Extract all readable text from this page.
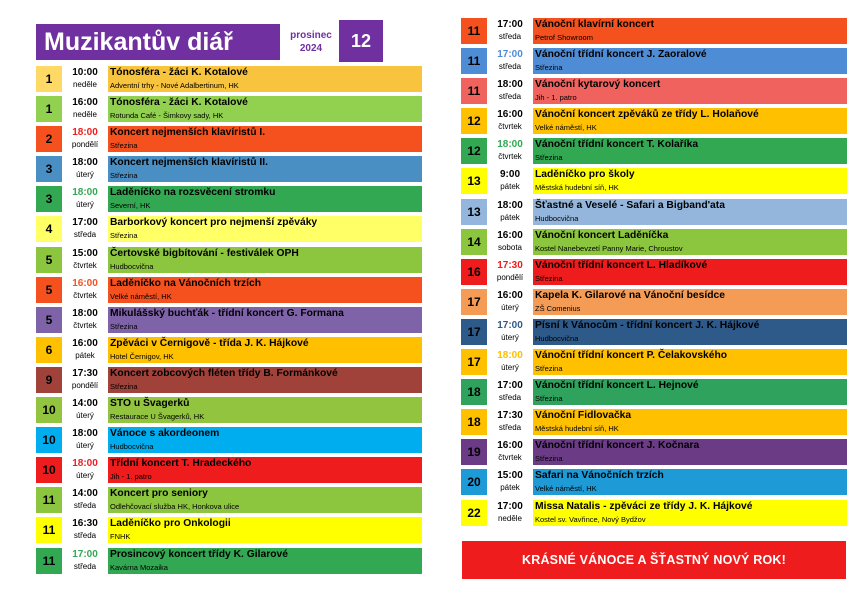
Muzikantův diář	prosinec
2024	12
1	10:00
neděle
Tónosféra - žáci K. Kotalové
Adventní trhy - Nové Adalbertinum, HK
1	16:00
neděle
Tónosféra - žáci K. Kotalové
Rotunda Café - Šimkovy sady, HK
2	18:00
pondělí
Koncert nejmenších klavíristů I.
Střezina
3	18:00
úterý
Koncert nejmenších klavíristů II.
Střezina
3	18:00
úterý
Laděníčko na rozsvěcení stromku
Severní, HK
4	17:00
středa
Barborkový koncert pro nejmenší zpěváky
Střezina
5	15:00
čtvrtek
Čertovské bigbítování - festiválek OPH
Hudbocvična
5	16:00
čtvrtek
Laděníčko na Vánočních trzích
Velké náměstí, HK
5	18:00
čtvrtek
Mikulášský buchťák - třídní koncert G. Formana
Střezina
6	16:00
pátek
Zpěváci v Černigově - třída J. K. Hájkové
Hotel Černigov, HK
9	17:30
pondělí
Koncert zobcových fléten třídy B. Formánkové
Střezina
10	14:00
úterý
STO u Švagerků
Restaurace U Švagerků, HK
10	18:00
úterý
Vánoce s akordeonem
Hudbocvična
10	18:00
úterý
Třídní koncert T. Hradeckého
Jih - 1. patro
11	14:00
středa
Koncert pro seniory
Odlehčovací služba HK, Honkova ulice
11	16:30
středa
Laděníčko pro Onkologii
FNHK
11	17:00
středa
Prosincový koncert třídy K. Gilarové
Kavárna Mozaika
11	17:00
středa
Vánoční klavírní koncert
Petrof Showroom
11	17:00
středa
Vánoční třídní koncert J. Zaoralové
Střezina
11	18:00
středa
Vánoční kytarový koncert
Jih - 1. patro
12	16:00
čtvrtek
Vánoční koncert zpěváků ze třídy L. Holaňové
Velké náměstí, HK
12	18:00
čtvrtek
Vánoční třídní koncert T. Kolaříka
Střezina
13	9:00
pátek
Laděníčko pro školy
Městská hudební síň, HK
13	18:00
pátek
Šťastné a Veselé - Safari a Bigband'ata
Hudbocvična
14	16:00
sobota
Vánoční koncert Laděníčka
Kostel Nanebevzetí Panny Marie, Chroustov
16	17:30
pondělí
Vánoční třídní koncert L. Hladíkové
Střezina
17	16:00
úterý
Kapela K. Gilarové na Vánoční besídce
ZŠ Comenius
17	17:00
úterý
Písní k Vánocům - třídní koncert J. K. Hájkové
Hudbocvična
17	18:00
úterý
Vánoční třídní koncert P. Čelakovského
Střezina
18	17:00
středa
Vánoční třídní koncert L. Hejnové
Střezina
18	17:30
středa
Vánoční Fidlovačka
Městská hudební síň, HK
19	16:00
čtvrtek
Vánoční třídní koncert J. Kočnara
Střezina
20	15:00
pátek
Safari na Vánočních trzích
Velké náměstí, HK
22	17:00
neděle
Missa Natalis - zpěváci ze třídy J. K. Hájkové
Kostel sv. Vavřince, Nový Bydžov
KRÁSNÉ VÁNOCE A ŠŤASTNÝ NOVÝ ROK!
